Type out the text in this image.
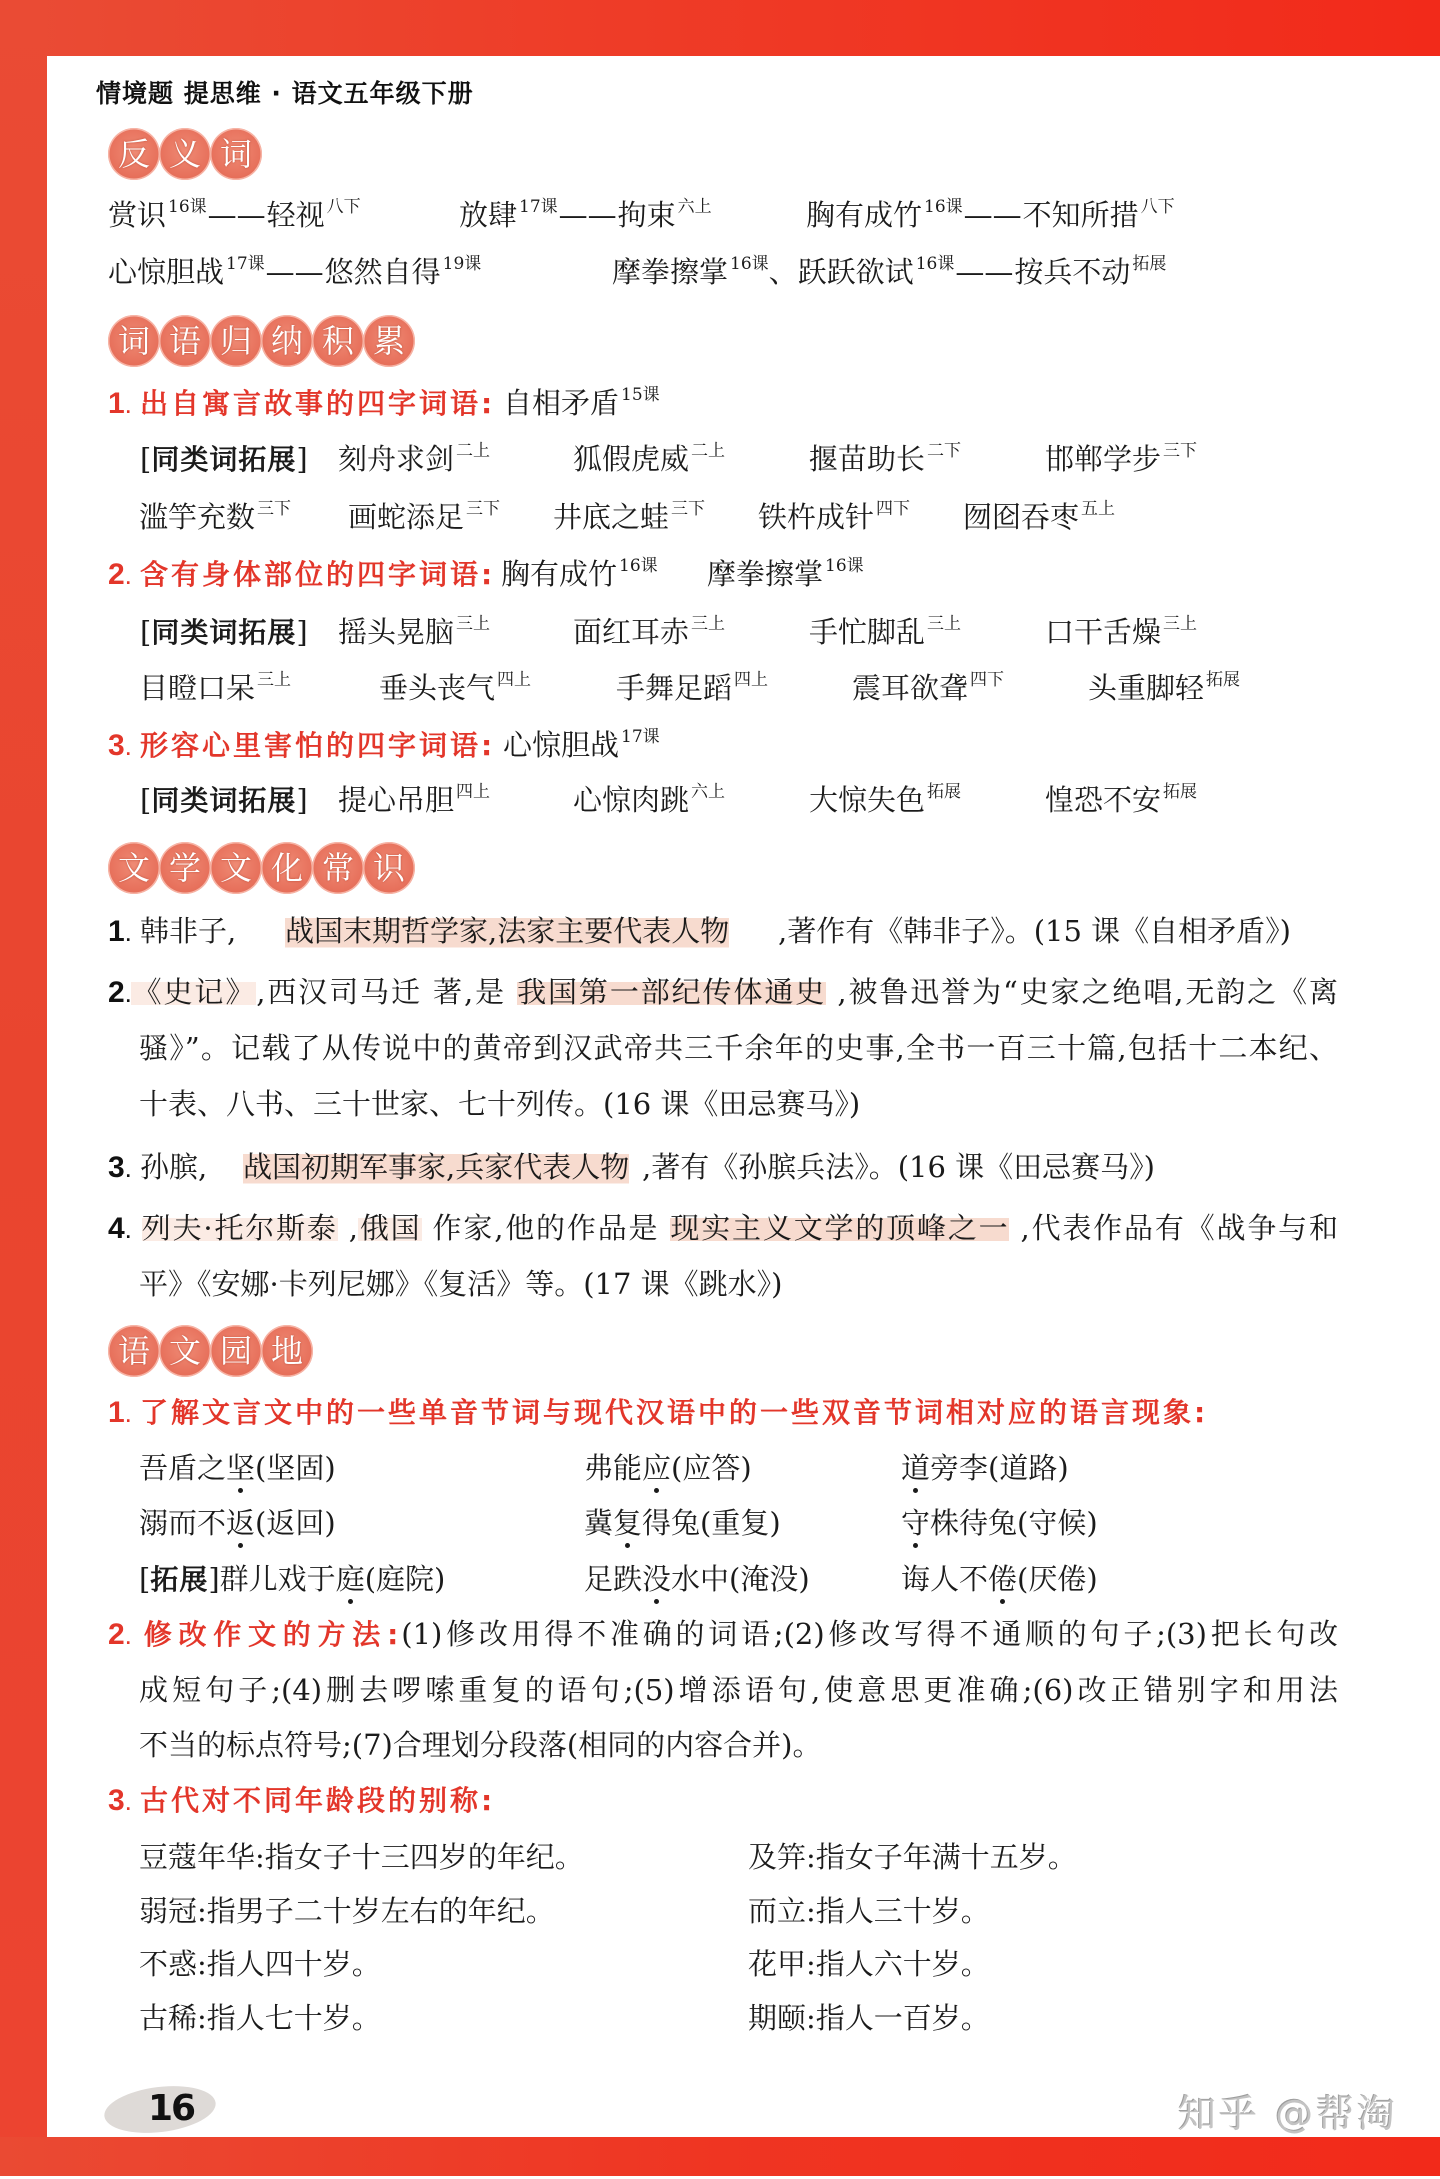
情境题 提思维 · 语文五年级下册
反 义 词
赏识 $^{16课}$——轻视 $^{八下}$	放肆 $^{17课}$——拘束 $^{六上}$	胸有成竹 $^{16课}$——不知所措 $^{八下}$
心惊胆战 $^{17课}$——悠然自得 $^{19课}$	摩拳擦掌 $^{16课}$、跃跃欲试 $^{16课}$——按兵不动 $^{拓展}$
词 语 归 纳 积 累
1. 出自寓言故事的四字词语: 自相矛盾 $^{15课}$
[同类词拓展] 刻舟求剑 $^{二上}$	狐假虎威 $^{二上}$	揠苗助长 $^{二下}$	邯郸学步 $^{三下}$
滥竽充数 $^{三下}$ 画蛇添足 $^{三下}$ 井底之蛙 $^{三下}$ 铁杵成针 $^{四下}$ 囫囵吞枣 $^{五上}$
2. 含有身体部位的四字词语: 胸有成竹 $^{16课}$ 摩拳擦掌 $^{16课}$
[同类词拓展] 摇头晃脑 $^{三上}$	面红耳赤 $^{三上}$	手忙脚乱 $^{三上}$	口干舌燥 $^{三上}$
目瞪口呆 $^{三上}$	垂头丧气 $^{四上}$	手舞足蹈 $^{四上}$	震耳欲聋 $^{四下}$	头重脚轻 $^{拓展}$
3. 形容心里害怕的四字词语: 心惊胆战 $^{17课}$
[同类词拓展] 提心吊胆 $^{四上}$	心惊肉跳 $^{六上}$	大惊失色 $^{拓展}$	惶恐不安 $^{拓展}$
文 学 文 化 常 识
1. 韩非子, 战国末期哲学家,法家主要代表人物 ,著作有《韩非子》。(15 课《自相矛盾》)
2.《史记》,西汉司马迁 著,是 我国第一部纪传体通史 ,被鲁迅誉为“史家之绝唱,无韵之《离
骚》”。记载了从传说中的黄帝到汉武帝共三千余年的史事,全书一百三十篇,包括十二本纪、
十表、八书、三十世家、七十列传。(16 课《田忌赛马》)
3. 孙膑, 战国初期军事家,兵家代表人物 ,著有《孙膑兵法》。(16 课《田忌赛马》)
4. 列夫·托尔斯泰 ,俄国 作家,他的作品是 现实主义文学的顶峰之一 ,代表作品有《战争与和
平》《安娜·卡列尼娜》《复活》等。(17 课《跳水》)
语 文 园 地
1. 了解文言文中的一些单音节词与现代汉语中的一些双音节词相对应的语言现象:
吾盾之坚(坚固)	弗能应(应答)	道旁李(道路)
溺而不返(返回)	冀复得兔(重复)	守株待兔(守候)
[拓展]群儿戏于庭(庭院)	足跌没水中(淹没)	诲人不倦(厌倦)
2. 修改作文的方法:(1)修改用得不准确的词语;(2)修改写得不通顺的句子;(3)把长句改
成短句子;(4)删去啰嗦重复的语句;(5)增添语句,使意思更准确;(6)改正错别字和用法
不当的标点符号;(7)合理划分段落(相同的内容合并)。
3. 古代对不同年龄段的别称:
豆蔻年华:指女子十三四岁的年纪。	及笄:指女子年满十五岁。
弱冠:指男子二十岁左右的年纪。	而立:指人三十岁。
不惑:指人四十岁。	花甲:指人六十岁。
古稀:指人七十岁。	期颐:指人一百岁。
16	知乎 @帮淘
